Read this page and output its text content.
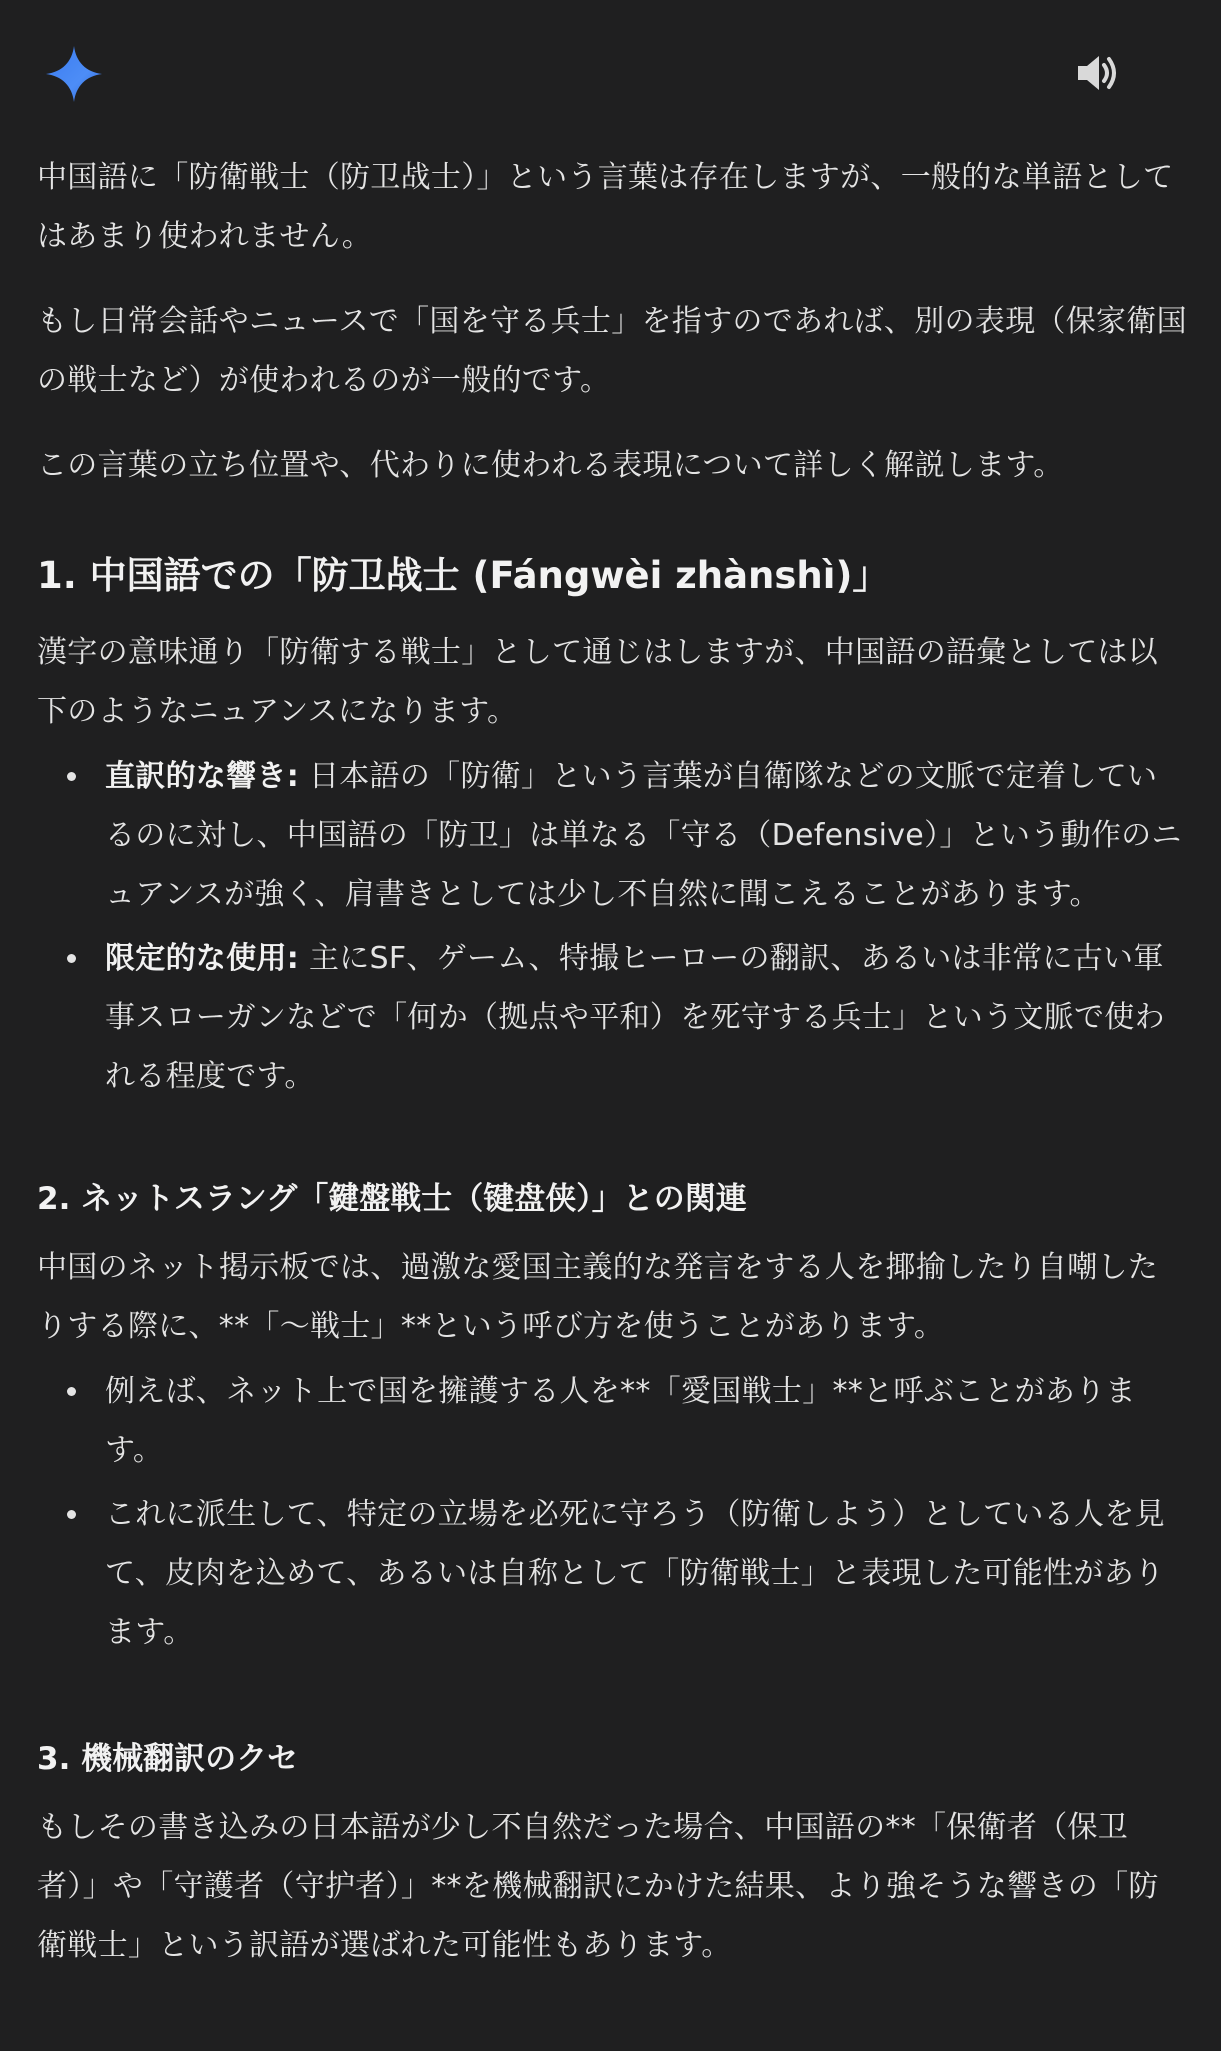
中国語に「防衛戦士（防卫战士）」という言葉は存在しますが、一般的な単語としてはあまり使われません。

もし日常会話やニュースで「国を守る兵士」を指すのであれば、別の表現（保家衛国の戦士など）が使われるのが一般的です。

この言葉の立ち位置や、代わりに使われる表現について詳しく解説します。

1. 中国語での「防卫战士 (Fángwèi zhànshì)」

漢字の意味通り「防衛する戦士」として通じはしますが、中国語の語彙としては以下のようなニュアンスになります。

直訳的な響き: 日本語の「防衛」という言葉が自衛隊などの文脈で定着しているのに対し、中国語の「防卫」は単なる「守る（Defensive）」という動作のニュアンスが強く、肩書きとしては少し不自然に聞こえることがあります。
限定的な使用: 主にSF、ゲーム、特撮ヒーローの翻訳、あるいは非常に古い軍事スローガンなどで「何か（拠点や平和）を死守する兵士」という文脈で使われる程度です。
2. ネットスラング「鍵盤戦士（键盘侠）」との関連

中国のネット掲示板では、過激な愛国主義的な発言をする人を揶揄したり自嘲したりする際に、**「〜戦士」**という呼び方を使うことがあります。

例えば、ネット上で国を擁護する人を**「愛国戦士」**と呼ぶことがあります。
これに派生して、特定の立場を必死に守ろう（防衛しよう）としている人を見て、皮肉を込めて、あるいは自称として「防衛戦士」と表現した可能性があります。
3. 機械翻訳のクセ

もしその書き込みの日本語が少し不自然だった場合、中国語の**「保衛者（保卫者）」や「守護者（守护者）」**を機械翻訳にかけた結果、より強そうな響きの「防衛戦士」という訳語が選ばれた可能性もあります。
